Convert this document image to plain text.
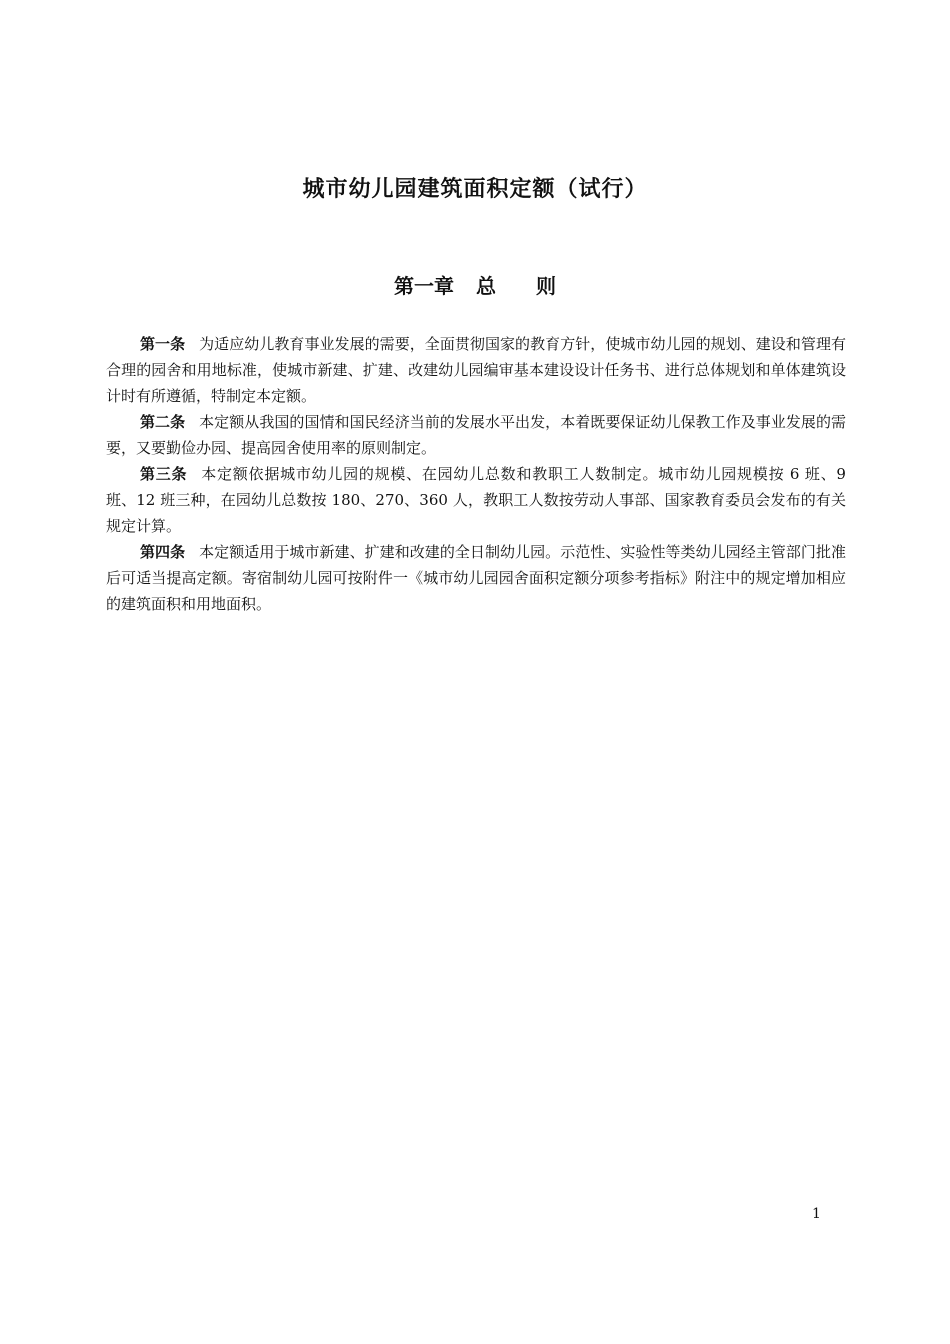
城市幼儿园建筑面积定额（试行）
第一章 总 则

第一条 为适应幼儿教育事业发展的需要，全面贯彻国家的教育方针，使城市幼儿园的规划、建设和管理有合理的园舍和用地标准，使城市新建、扩建、改建幼儿园编审基本建设设计任务书、进行总体规划和单体建筑设计时有所遵循，特制定本定额。

第二条 本定额从我国的国情和国民经济当前的发展水平出发，本着既要保证幼儿保教工作及事业发展的需要，又要勤俭办园、提高园舍使用率的原则制定。

第三条 本定额依据城市幼儿园的规模、在园幼儿总数和教职工人数制定。城市幼儿园规模按 6 班、9 班、12 班三种，在园幼儿总数按 180、270、360 人，教职工人数按劳动人事部、国家教育委员会发布的有关规定计算。

第四条 本定额适用于城市新建、扩建和改建的全日制幼儿园。示范性、实验性等类幼儿园经主管部门批准后可适当提高定额。寄宿制幼儿园可按附件一《城市幼儿园园舍面积定额分项参考指标》附注中的规定增加相应的建筑面积和用地面积。

1
